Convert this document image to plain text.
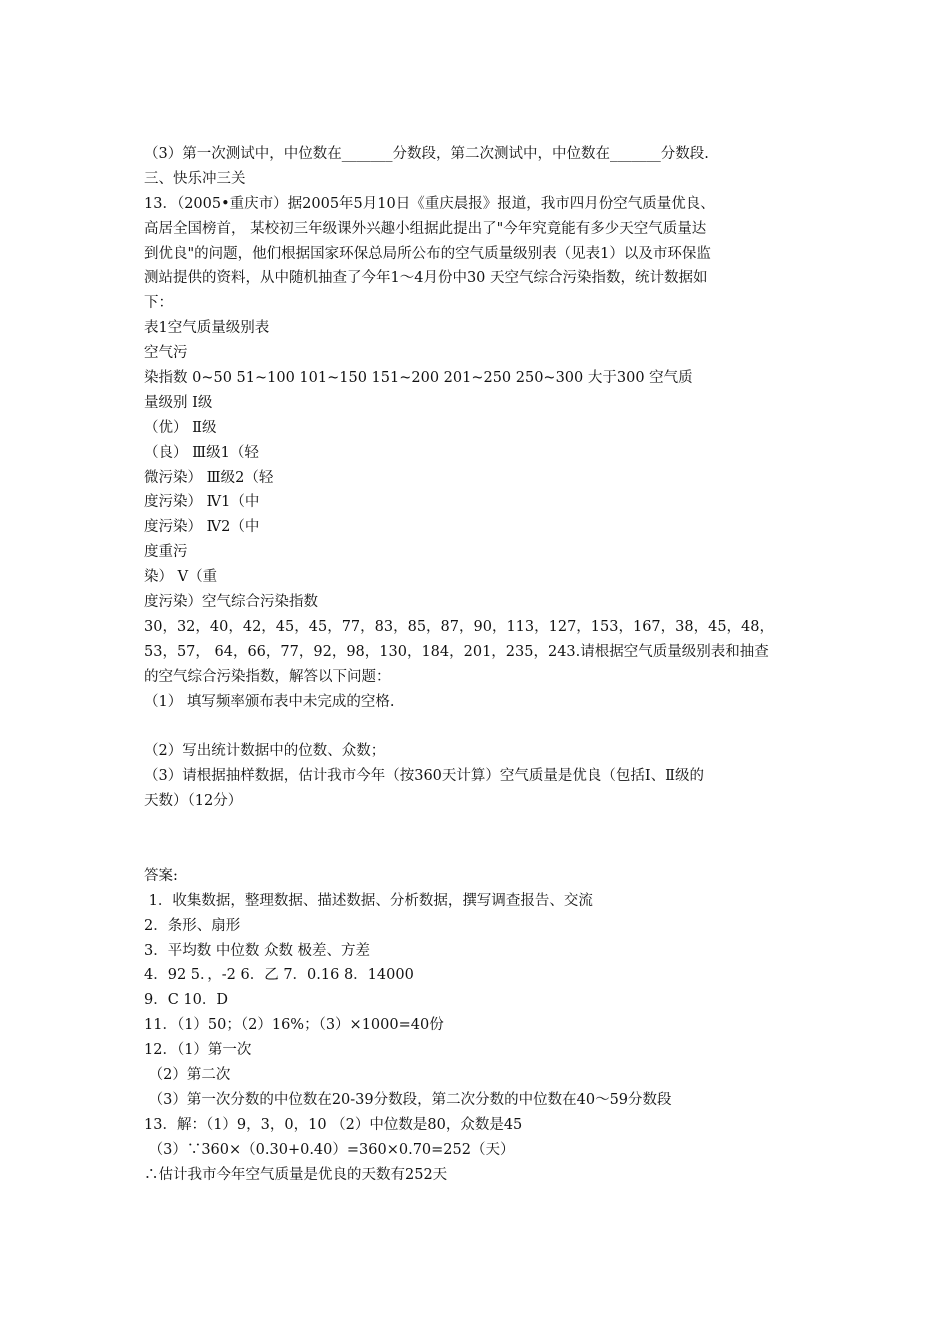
（3）第一次测试中，中位数在_______分数段，第二次测试中，中位数在_______分数段.
三、快乐冲三关
13．（2005•重庆市）据2005年5月10日《重庆晨报》报道，我市四月份空气质量优良、
高居全国榜首， 某校初三年级课外兴趣小组据此提出了"今年究竟能有多少天空气质量达
到优良"的问题，他们根据国家环保总局所公布的空气质量级别表（见表1）以及市环保监
测站提供的资料，从中随机抽查了今年1～4月份中30 天空气综合污染指数，统计数据如
下：
表1空气质量级别表
空气污
染指数 0~50 51~100 101~150 151~200 201~250 250~300 大于300 空气质
量级别 Ⅰ级
（优） Ⅱ级
（良） Ⅲ级1（轻
微污染） Ⅲ级2（轻
度污染） Ⅳ1（中
度污染） Ⅳ2（中
度重污
染） Ⅴ（重
度污染）空气综合污染指数
30，32，40，42，45，45，77，83，85，87，90，113，127，153，167，38，45，48，
53，57， 64，66，77，92，98，130，184，201，235，243.请根据空气质量级别表和抽查
的空气综合污染指数，解答以下问题：
（1） 填写频率颁布表中未完成的空格.
（2）写出统计数据中的位数、众数；
（3）请根据抽样数据，估计我市今年（按360天计算）空气质量是优良（包括Ⅰ、Ⅱ级的
天数）（12分）
答案:
1．收集数据，整理数据、描述数据、分析数据，撰写调查报告、交流
2．条形、扇形
3．平均数 中位数 众数 极差、方差
4．92 5．，-2 6．乙 7．0.16 8．14000
9．C 10．D
11．（1）50；（2）16%；（3）×1000=40份
12．（1）第一次
（2）第二次
（3）第一次分数的中位数在20-39分数段，第二次分数的中位数在40～59分数段
13．解：（1）9，3，0，10 （2）中位数是80，众数是45
（3）∵360×（0.30+0.40）=360×0.70=252（天）
∴估计我市今年空气质量是优良的天数有252天
